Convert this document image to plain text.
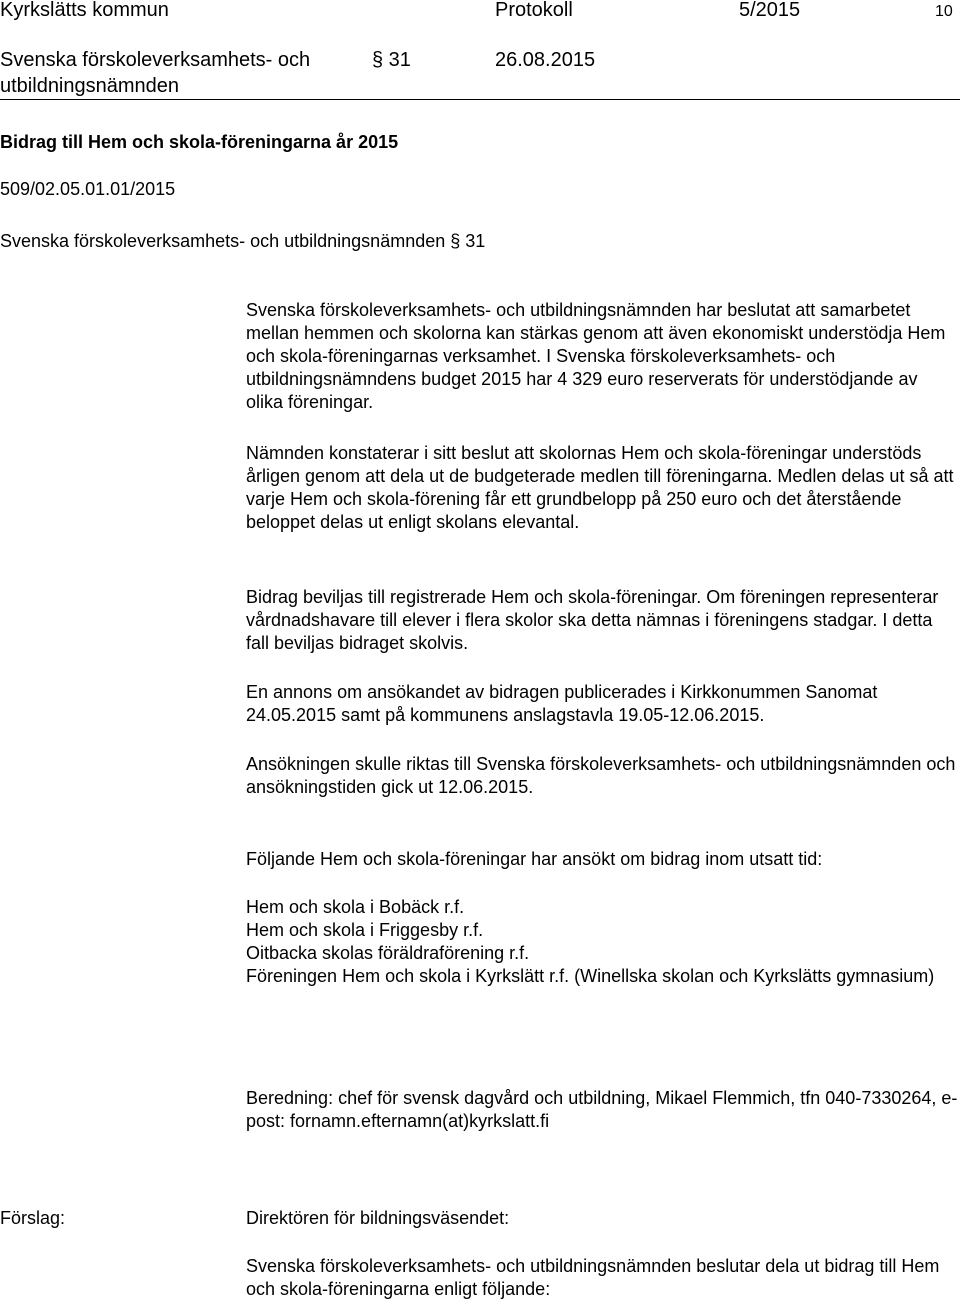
Kyrkslätts kommun	Protokoll	5/2015	10
Svenska förskoleverksamhets- och
utbildningsnämnden
§ 31	26.08.2015
Bidrag till Hem och skola-föreningarna år 2015
509/02.05.01.01/2015
Svenska förskoleverksamhets- och utbildningsnämnden § 31

Svenska förskoleverksamhets- och utbildningsnämnden har beslutat att samarbetet mellan hemmen och skolorna kan stärkas genom att även ekonomiskt understödja Hem och skola-föreningarnas verksamhet. I Svenska förskoleverksamhets- och utbildningsnämndens budget 2015 har 4 329 euro reserverats för understödjande av olika föreningar.

Nämnden konstaterar i sitt beslut att skolornas Hem och skola-föreningar understöds årligen genom att dela ut de budgeterade medlen till föreningarna. Medlen delas ut så att varje Hem och skola-förening får ett grundbelopp på 250 euro och det återstående beloppet delas ut enligt skolans elevantal.

Bidrag beviljas till registrerade Hem och skola-föreningar. Om föreningen representerar vårdnadshavare till elever i flera skolor ska detta nämnas i föreningens stadgar. I detta fall beviljas bidraget skolvis.

En annons om ansökandet av bidragen publicerades i Kirkkonummen Sanomat 24.05.2015 samt på kommunens anslagstavla 19.05-12.06.2015.

Ansökningen skulle riktas till Svenska förskoleverksamhets- och utbildningsnämnden och ansökningstiden gick ut 12.06.2015.

Följande Hem och skola-föreningar har ansökt om bidrag inom utsatt tid:

Hem och skola i Bobäck r.f.
Hem och skola i Friggesby r.f.
Oitbacka skolas föräldraförening r.f.
Föreningen Hem och skola i Kyrkslätt r.f. (Winellska skolan och Kyrkslätts gymnasium)

Beredning: chef för svensk dagvård och utbildning, Mikael Flemmich, tfn 040-7330264, e-post: fornamn.efternamn(at)kyrkslatt.fi

Förslag:	Direktören för bildningsväsendet:

Svenska förskoleverksamhets- och utbildningsnämnden beslutar dela ut bidrag till Hem och skola-föreningarna enligt följande:
